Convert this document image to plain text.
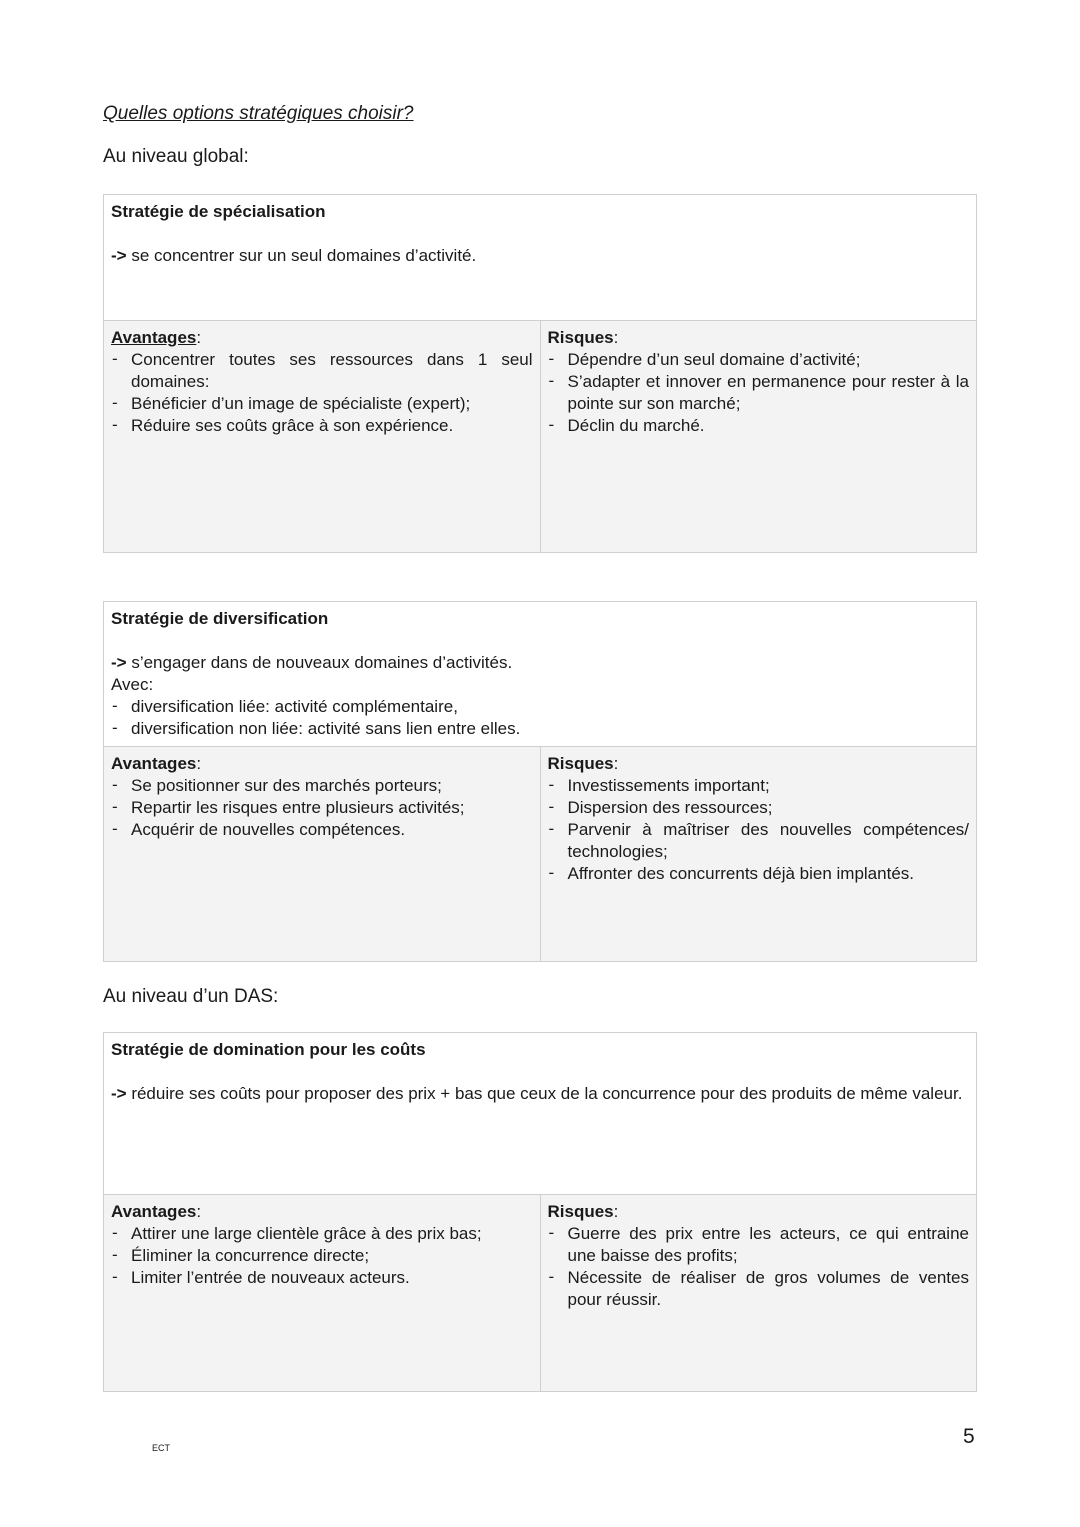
Quelles options stratégiques choisir?
Au niveau global:
Stratégie de spécialisation
-> se concentrer sur un seul domaines d’activité.

Avantages:
- Concentrer toutes ses ressources dans 1 seul domaines:
- Bénéficier d’un image de spécialiste (expert);
- Réduire ses coûts grâce à son expérience.

Risques:
- Dépendre d’un seul domaine d’activité;
- S’adapter et innover en permanence pour rester à la pointe sur son marché;
- Déclin du marché.
Stratégie de diversification
-> s’engager dans de nouveaux domaines d’activités.
Avec:
- diversification liée: activité complémentaire,
- diversification non liée: activité sans lien entre elles.

Avantages:
- Se positionner sur des marchés porteurs;
- Repartir les risques entre plusieurs activités;
- Acquérir de nouvelles compétences.

Risques:
- Investissements important;
- Dispersion des ressources;
- Parvenir à maîtriser des nouvelles compétences/ technologies;
- Affronter des concurrents déjà bien implantés.
Au niveau d’un DAS:
Stratégie de domination pour les coûts
-> réduire ses coûts pour proposer des prix + bas que ceux de la concurrence pour des produits de même valeur.

Avantages:
- Attirer une large clientèle grâce à des prix bas;
- Éliminer la concurrence directe;
- Limiter l’entrée de nouveaux acteurs.

Risques:
- Guerre des prix entre les acteurs, ce qui entraine une baisse des profits;
- Nécessite de réaliser de gros volumes de ventes pour réussir.
ECT	5
